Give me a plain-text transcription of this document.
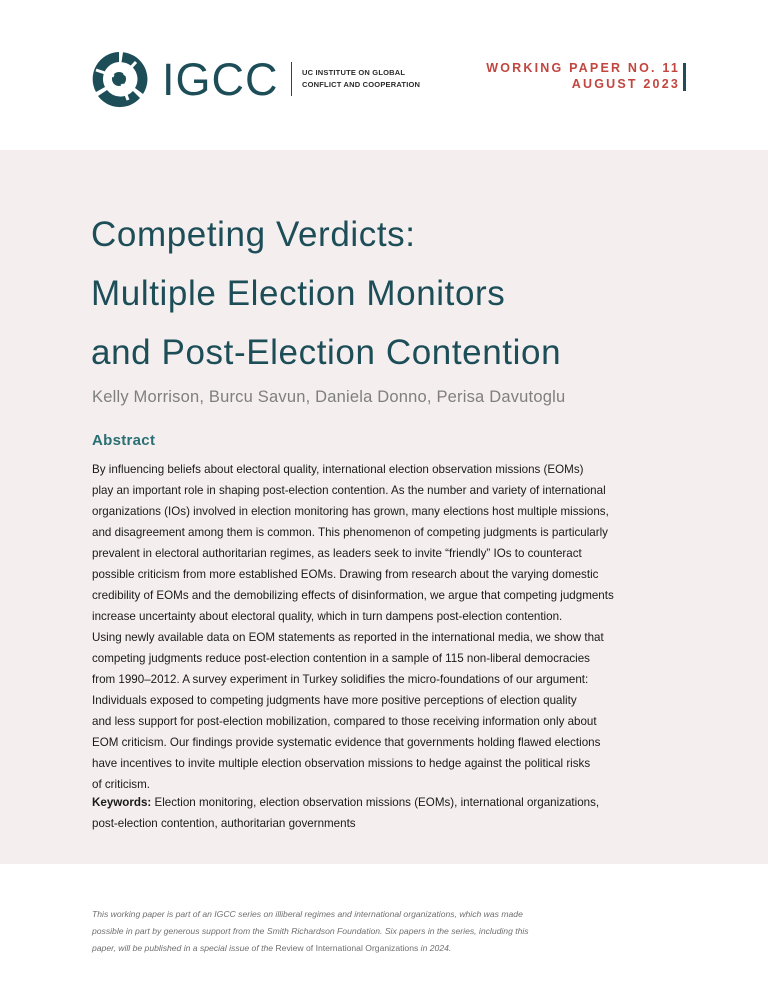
IGCC	UC INSTITUTE ON GLOBAL
CONFLICT AND COOPERATION
WORKING PAPER NO. 11
AUGUST 2023
Competing Verdicts:
Multiple Election Monitors
and Post-Election Contention
Kelly Morrison, Burcu Savun, Daniela Donno, Perisa Davutoglu
Abstract
By influencing beliefs about electoral quality, international election observation missions (EOMs)
play an important role in shaping post-election contention. As the number and variety of international
organizations (IOs) involved in election monitoring has grown, many elections host multiple missions,
and disagreement among them is common. This phenomenon of competing judgments is particularly
prevalent in electoral authoritarian regimes, as leaders seek to invite “friendly” IOs to counteract
possible criticism from more established EOMs. Drawing from research about the varying domestic
credibility of EOMs and the demobilizing effects of disinformation, we argue that competing judgments
increase uncertainty about electoral quality, which in turn dampens post-election contention.
Using newly available data on EOM statements as reported in the international media, we show that
competing judgments reduce post-election contention in a sample of 115 non-liberal democracies
from 1990–2012. A survey experiment in Turkey solidifies the micro-foundations of our argument:
Individuals exposed to competing judgments have more positive perceptions of election quality
and less support for post-election mobilization, compared to those receiving information only about
EOM criticism. Our findings provide systematic evidence that governments holding flawed elections
have incentives to invite multiple election observation missions to hedge against the political risks
of criticism.
Keywords: Election monitoring, election observation missions (EOMs), international organizations,
post-election contention, authoritarian governments
This working paper is part of an IGCC series on illiberal regimes and international organizations, which was made
possible in part by generous support from the Smith Richardson Foundation. Six papers in the series, including this
paper, will be published in a special issue of the Review of International Organizations in 2024.
